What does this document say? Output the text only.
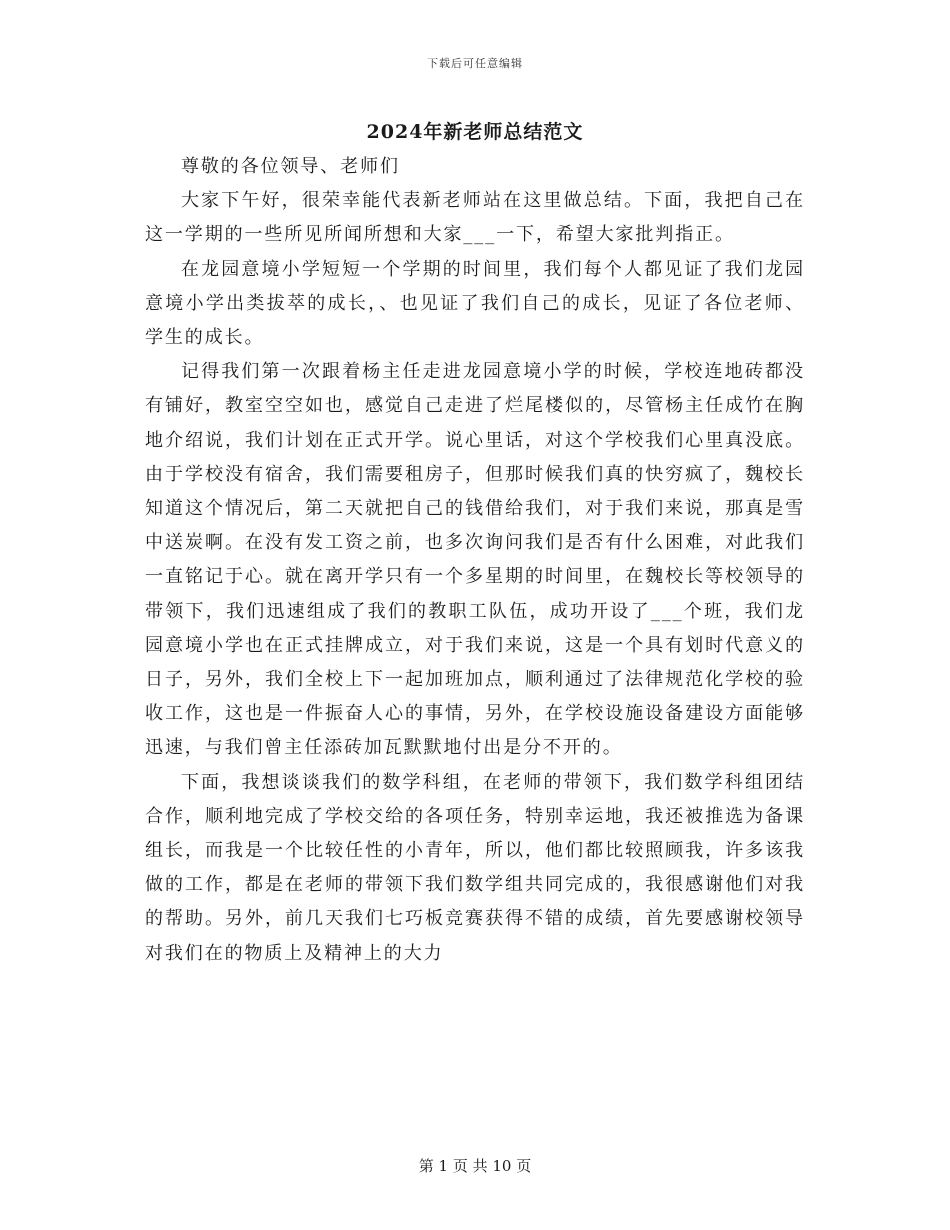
下载后可任意编辑
2024年新老师总结范文

尊敬的各位领导、老师们

大家下午好，很荣幸能代表新老师站在这里做总结。下面，我把自己在这一学期的一些所见所闻所想和大家___一下，希望大家批判指正。

在龙园意境小学短短一个学期的时间里，我们每个人都见证了我们龙园意境小学出类拔萃的成长，、也见证了我们自己的成长，见证了各位老师、学生的成长。

记得我们第一次跟着杨主任走进龙园意境小学的时候，学校连地砖都没有铺好，教室空空如也，感觉自己走进了烂尾楼似的，尽管杨主任成竹在胸地介绍说，我们计划在正式开学。说心里话，对这个学校我们心里真没底。由于学校没有宿舍，我们需要租房子，但那时候我们真的快穷疯了，魏校长知道这个情况后，第二天就把自己的钱借给我们，对于我们来说，那真是雪中送炭啊。在没有发工资之前，也多次询问我们是否有什么困难，对此我们一直铭记于心。就在离开学只有一个多星期的时间里，在魏校长等校领导的带领下，我们迅速组成了我们的教职工队伍，成功开设了___个班，我们龙园意境小学也在正式挂牌成立，对于我们来说，这是一个具有划时代意义的日子，另外，我们全校上下一起加班加点，顺利通过了法律规范化学校的验收工作，这也是一件振奋人心的事情，另外，在学校设施设备建设方面能够迅速，与我们曾主任添砖加瓦默默地付出是分不开的。

下面，我想谈谈我们的数学科组，在老师的带领下，我们数学科组团结合作，顺利地完成了学校交给的各项任务，特别幸运地，我还被推选为备课组长，而我是一个比较任性的小青年，所以，他们都比较照顾我，许多该我做的工作，都是在老师的带领下我们数学组共同完成的，我很感谢他们对我的帮助。另外，前几天我们七巧板竞赛获得不错的成绩，首先要感谢校领导对我们在的物质上及精神上的大力

第 1 页 共 10 页
